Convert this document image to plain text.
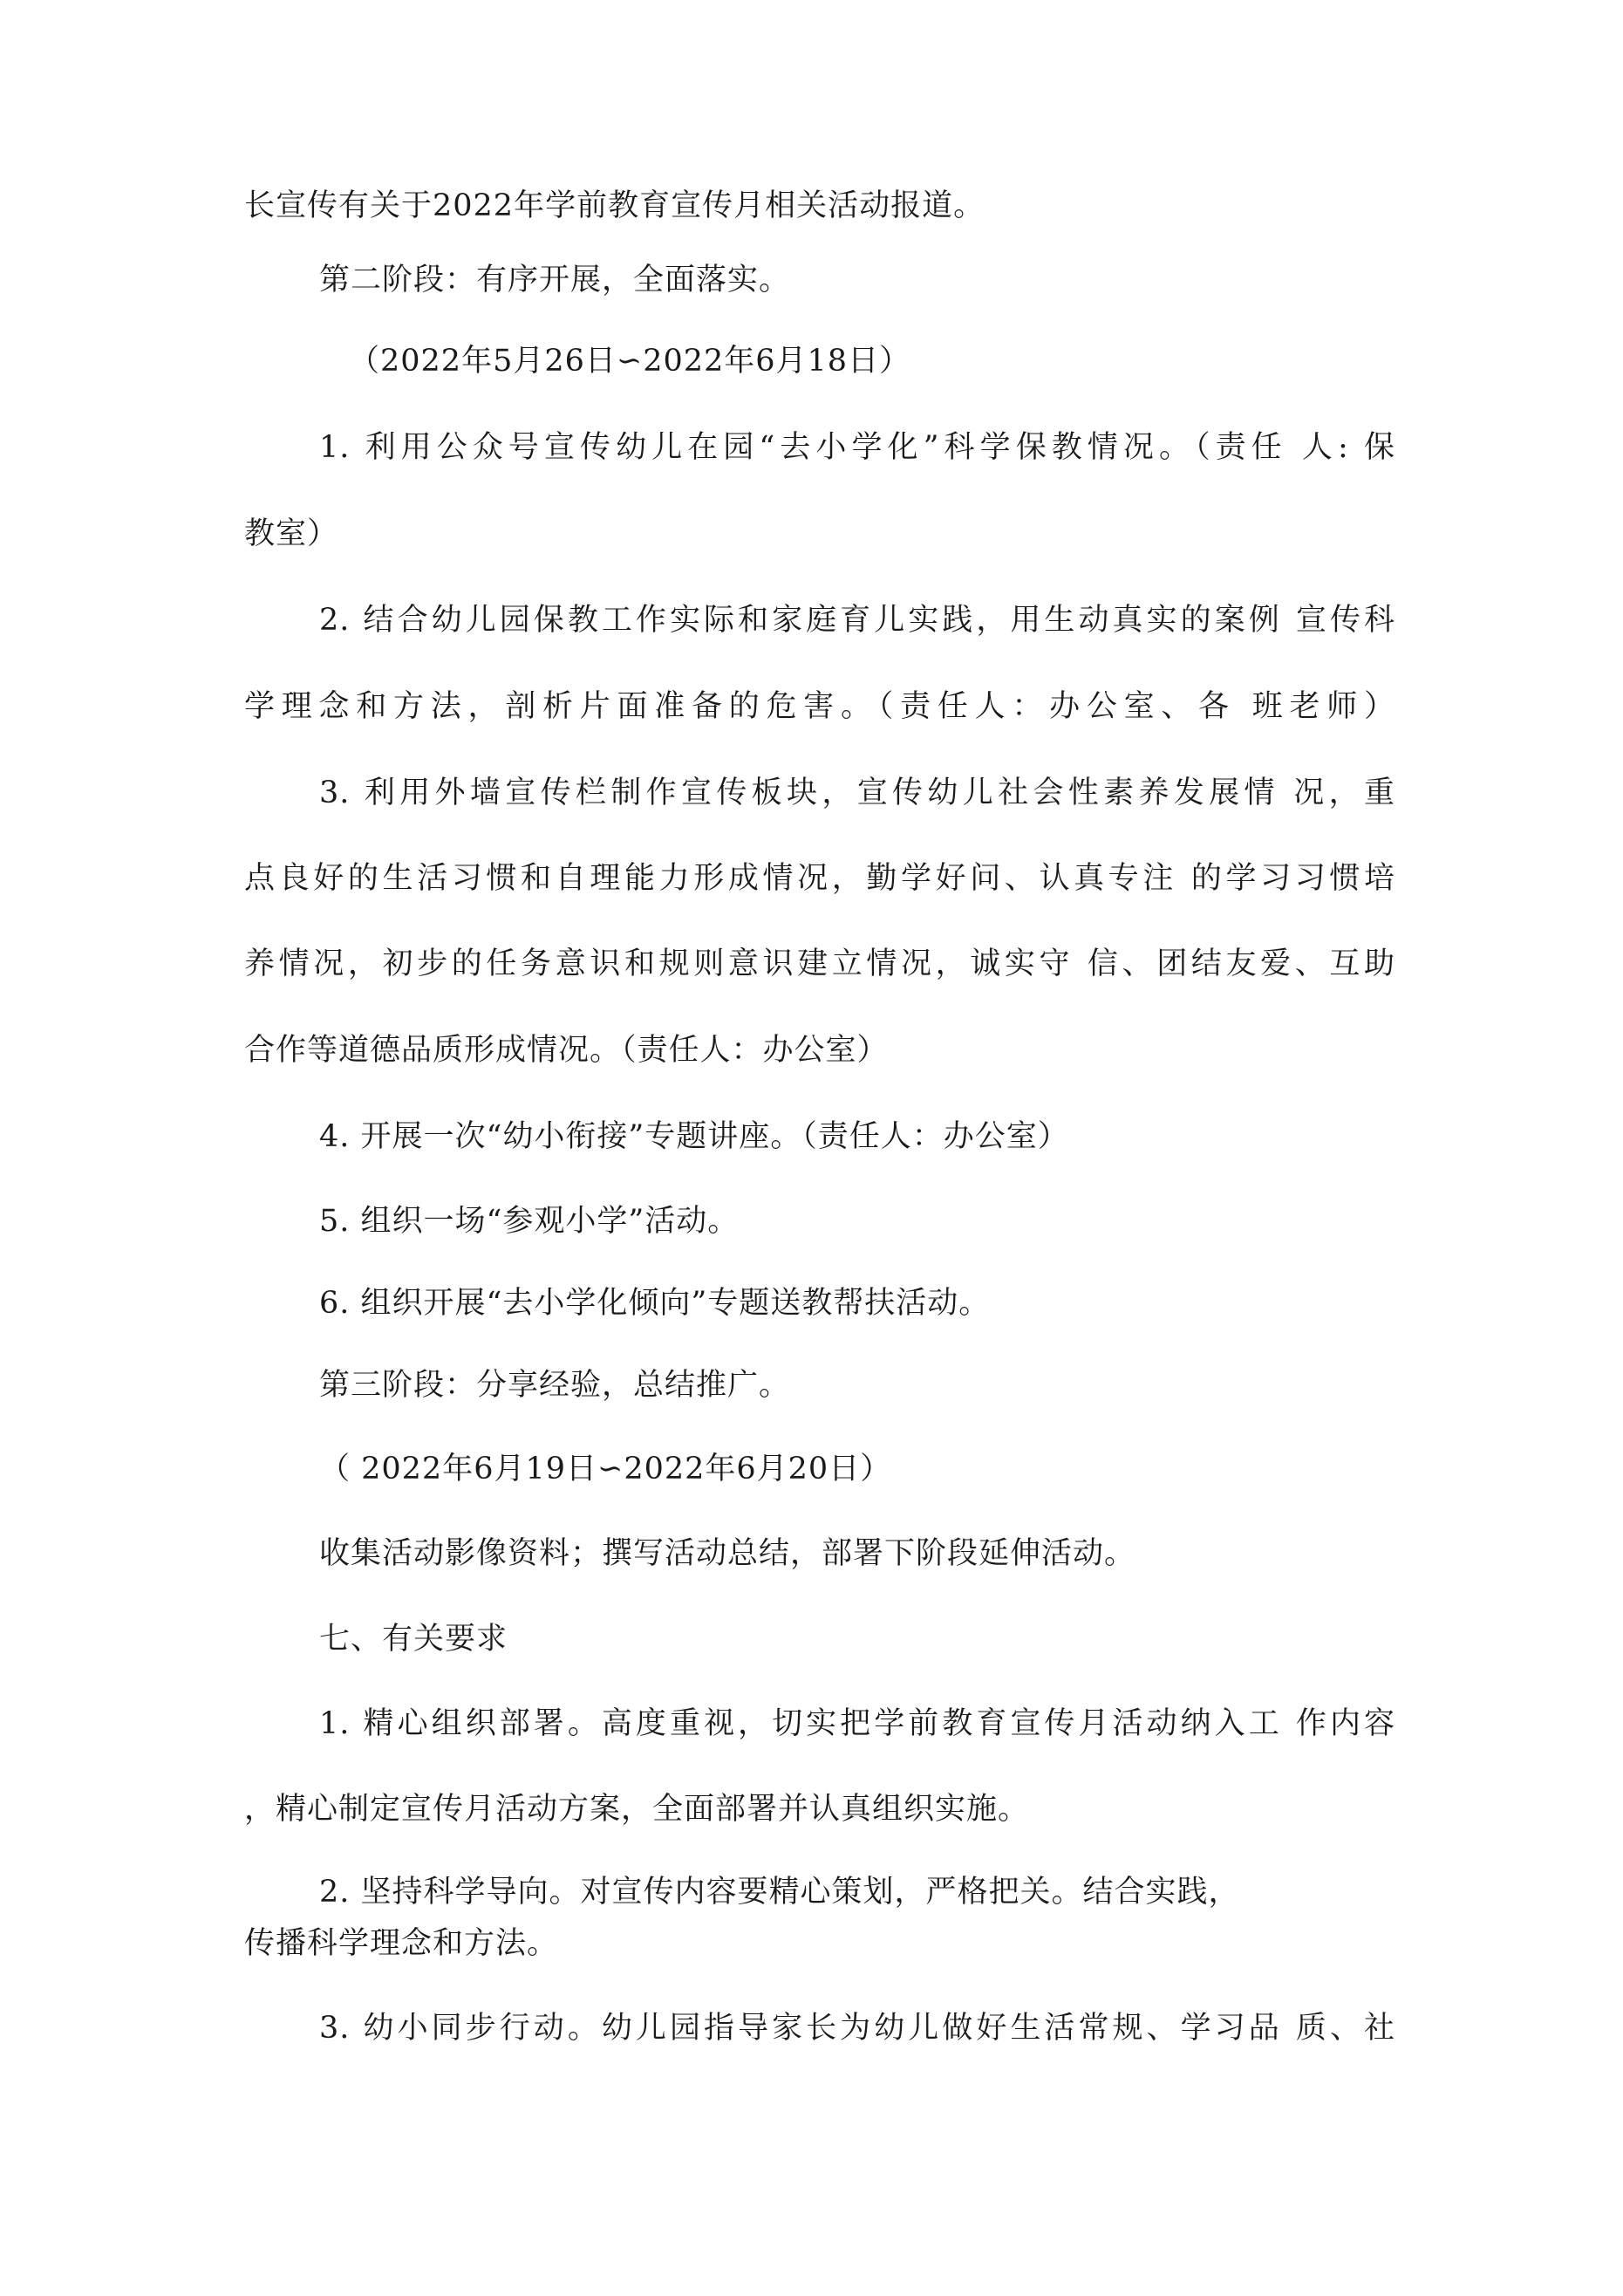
长宣传有关于2022年学前教育宣传月相关活动报道。
第二阶段：有序开展，全面落实。
（2022年5月26日∽2022年6月18日）
1. 利用公众号宣传幼儿在园“去小学化”科学保教情况。（责任 人: 保
教室）
2. 结合幼儿园保教工作实际和家庭育儿实践，用生动真实的案例 宣传科
学理念和方法，剖析片面准备的危害。（责任人：办公室、各 班老师）
3. 利用外墙宣传栏制作宣传板块，宣传幼儿社会性素养发展情 况，重
点良好的生活习惯和自理能力形成情况，勤学好问、认真专注 的学习习惯培
养情况，初步的任务意识和规则意识建立情况，诚实守 信、团结友爱、互助
合作等道德品质形成情况。（责任人：办公室）
4. 开展一次“幼小衔接”专题讲座。（责任人：办公室）
5. 组织一场“参观小学”活动。
6. 组织开展“去小学化倾向”专题送教帮扶活动。
第三阶段：分享经验，总结推广。
（ 2022年6月19日∽2022年6月20日）
收集活动影像资料；撰写活动总结，部署下阶段延伸活动。
七、有关要求
1. 精心组织部署。高度重视，切实把学前教育宣传月活动纳入工 作内容
，精心制定宣传月活动方案，全面部署并认真组织实施。
2. 坚持科学导向。对宣传内容要精心策划，严格把关。结合实践，
传播科学理念和方法。
3. 幼小同步行动。幼儿园指导家长为幼儿做好生活常规、学习品 质、社
